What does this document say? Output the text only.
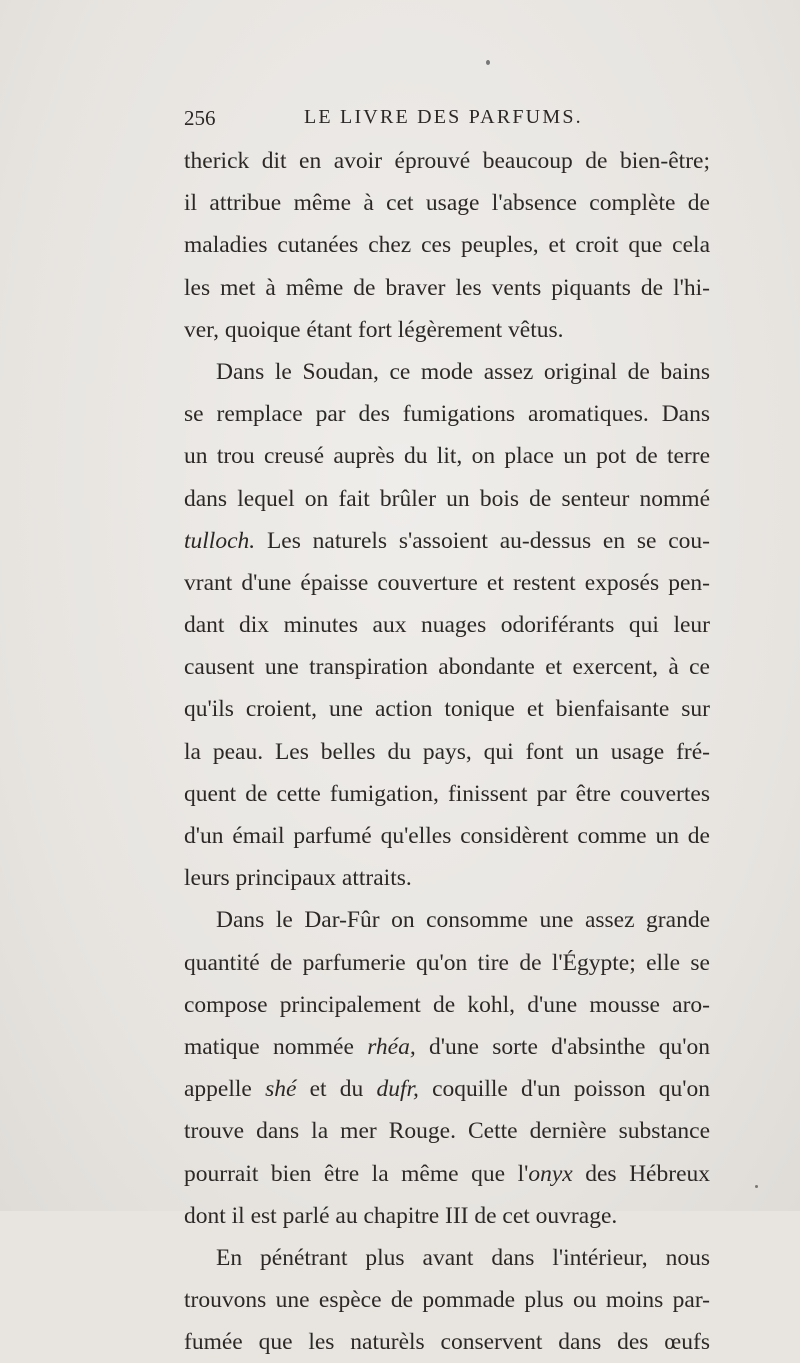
256	LE LIVRE DES PARFUMS.
therick dit en avoir éprouvé beaucoup de bien-être;
il attribue même à cet usage l'absence complète de
maladies cutanées chez ces peuples, et croit que cela
les met à même de braver les vents piquants de l'hi-
ver, quoique étant fort légèrement vêtus.
Dans le Soudan, ce mode assez original de bains
se remplace par des fumigations aromatiques. Dans
un trou creusé auprès du lit, on place un pot de terre
dans lequel on fait brûler un bois de senteur nommé
tulloch. Les naturels s'assoient au-dessus en se cou-
vrant d'une épaisse couverture et restent exposés pen-
dant dix minutes aux nuages odoriférants qui leur
causent une transpiration abondante et exercent, à ce
qu'ils croient, une action tonique et bienfaisante sur
la peau. Les belles du pays, qui font un usage fré-
quent de cette fumigation, finissent par être couvertes
d'un émail parfumé qu'elles considèrent comme un de
leurs principaux attraits.
Dans le Dar-Fûr on consomme une assez grande
quantité de parfumerie qu'on tire de l'Égypte; elle se
compose principalement de kohl, d'une mousse aro-
matique nommée rhéa, d'une sorte d'absinthe qu'on
appelle shé et du dufr, coquille d'un poisson qu'on
trouve dans la mer Rouge. Cette dernière substance
pourrait bien être la même que l'onyx des Hébreux
dont il est parlé au chapitre III de cet ouvrage.
En pénétrant plus avant dans l'intérieur, nous
trouvons une espèce de pommade plus ou moins par-
fumée que les naturèls conservent dans des œufs
